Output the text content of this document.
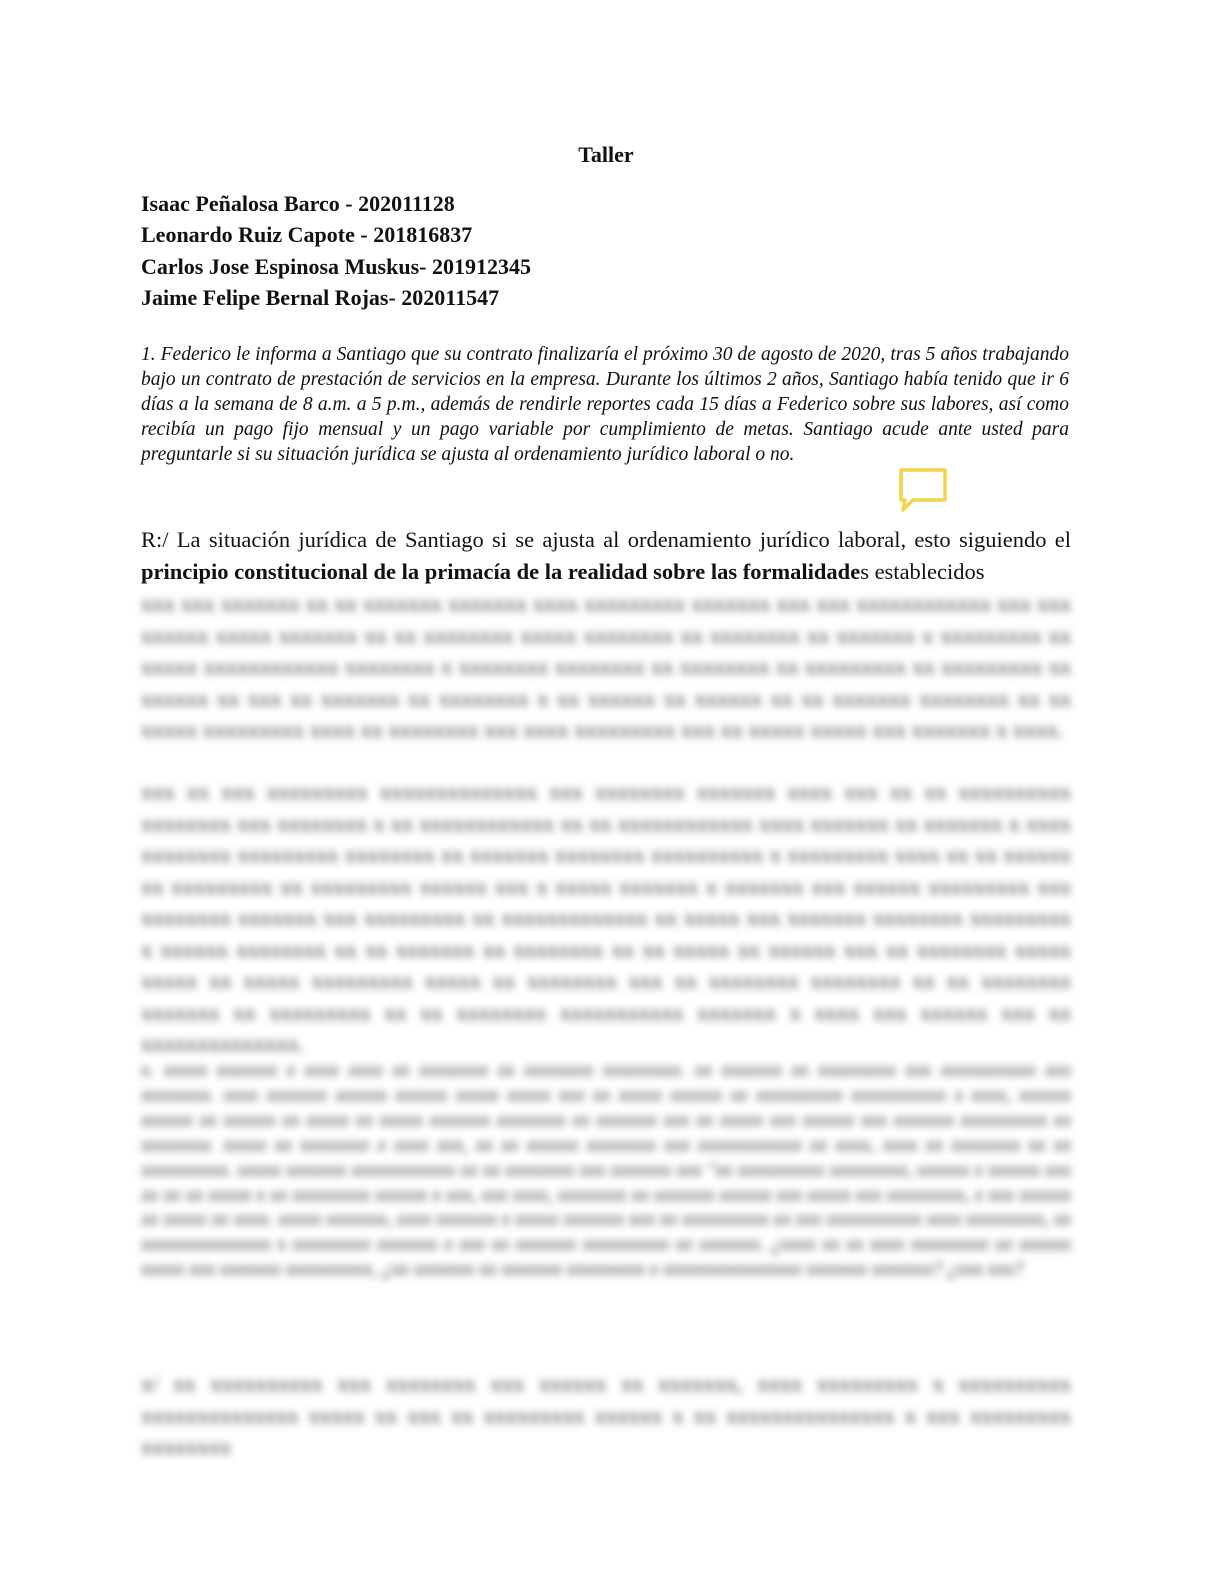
Taller
Isaac Peñalosa Barco - 202011128
Leonardo Ruiz Capote - 201816837
Carlos Jose Espinosa Muskus- 201912345
Jaime Felipe Bernal Rojas- 202011547
1. Federico le informa a Santiago que su contrato finalizaría el próximo 30 de agosto de 2020, tras 5 años trabajando bajo un contrato de prestación de servicios en la empresa. Durante los últimos 2 años, Santiago había tenido que ir 6 días a la semana de 8 a.m. a 5 p.m., además de rendirle reportes cada 15 días a Federico sobre sus labores, así como recibía un pago fijo mensual y un pago variable por cumplimiento de metas. Santiago acude ante usted para preguntarle si su situación jurídica se ajusta al ordenamiento jurídico laboral o no.
R:/ La situación jurídica de Santiago si se ajusta al ordenamiento jurídico laboral, esto siguiendo el principio constitucional de la primacía de la realidad sobre las formalidades establecidos
xxx xxx xxxxxxx xx xx xxxxxxx xxxxxxx xxxx xxxxxxxxx xxxxxxx xxx xxx xxxxxxxxxxxx xxx xxx xxxxxx xxxxx xxxxxxx xx xx xxxxxxxx xxxxx xxxxxxxx xx xxxxxxxx xx xxxxxxx x xxxxxxxxx xx xxxxx xxxxxxxxxxxx xxxxxxxx x xxxxxxxx xxxxxxxx xx xxxxxxxx xx xxxxxxxxx xx xxxxxxxxx xx xxxxxx xx xxx xx xxxxxxx xx xxxxxxxx x xx xxxxxx xx xxxxxx xx xx xxxxxxx xxxxxxxx xx xx xxxxx xxxxxxxxx xxxx xx xxxxxxxx xxx xxxx xxxxxxxxx xxx xx xxxxx xxxxx xxx xxxxxxx x xxxx.
xxx xx xxx xxxxxxxxx xxxxxxxxxxxxxx xxx xxxxxxxx xxxxxxx xxxx xxx xx xx xxxxxxxxxx xxxxxxxx xxx xxxxxxxx x xx xxxxxxxxxxxx xx xx xxxxxxxxxxxx xxxx xxxxxxx xx xxxxxxx x xxxx xxxxxxxx xxxxxxxxx xxxxxxxx xx xxxxxxx xxxxxxxx xxxxxxxxxx x xxxxxxxxx xxxx xx xx xxxxxx xx xxxxxxxxx xx xxxxxxxxx xxxxxx xxx x xxxxx xxxxxxx x xxxxxxx xxx xxxxxx xxxxxxxxx xxx xxxxxxxx xxxxxxx xxx xxxxxxxxx xx xxxxxxxxxxxxx xx xxxxx xxx xxxxxxx xxxxxxxx xxxxxxxxx x xxxxxx xxxxxxxx xx xx xxxxxxx xx xxxxxxxx xx xx xxxxx xx xxxxxx xxx xx xxxxxxxx xxxxx xxxxx xx xxxxx xxxxxxxxx xxxxx xx xxxxxxxx xxx xx xxxxxxxx xxxxxxxx xx xx xxxxxxxx xxxxxxx xx xxxxxxxxx xx xx xxxxxxxx xxxxxxxxxxx xxxxxxx x xxxx xxx xxxxxx xxx xx xxxxxxxxxxxxxx.
x. xxxxx xxxxxxx x xxxx xxxx xx xxxxxxxx xx xxxxxxxx xxxxxxxxx. xx xxxxxxx xx xxxxxxxxx xxx xxxxxxxxxxx xxx xxxxxxxx. xxxx xxxxxxx xxxxxx xxxxxx xxxxx xxxxx xxx xx xxxxx xxxxxx xx xxxxxxxxxx xxxxxxxxxxx x xxxx, xxxxxx xxxxxx xx xxxxxx xx xxxxx xx xxxxx xxxxxxx xxxxxxxx xx xxxxxxx xxx xx xxxxx xxx xxxxxx xxx xxxxxxx xxxxxxxxxx xx xxxxxxxx. xxxxx xx xxxxxxxx x xxxx xxx, xx xx xxxxxx xxxxxxxx xxx xxxxxxxxxxxx xx xxxx, xxxx xx xxxxxxxx xx xx xxxxxxxxxx. xxxxx xxxxxxx xxxxxxxxxxxx xx xx xxxxxxxx xxx xxxxxxx xxx "xx xxxxxxxxxx xxxxxxxxx, xxxxxx x xxxxxx xxx xx xx xx xxxxx x xx xxxxxxxxx xxxxxx x xxx, xxx xxxx, xxxxxxxx xx xxxxxxx xxxxxx xxx xxxxx xxx xxxxxxxxx, x xxx xxxxxx xx xxxxx xx xxxx. xxxxx xxxxxxx, xxxx xxxxxxx x xxxxx xxxxxxx xxx xx xxxxxxxxxx xx xxx xxxxxxxxxxx xxxx xxxxxxxxx, xx xxxxxxxxxxxxxxx x xxxxxxxxx xxxxxxx x xxx xx xxxxxxx xxxxxxxxxx xx xxxxxxx. ¿xxxx xx xx xxxx xxxxxxxxx xx xxxxxx xxxxx xxx xxxxxxx xxxxxxxxxx, ¿xx xxxxxxx xx xxxxxxx xxxxxxxxx x xxxxxxxxxxxxxxxx xxxxxxx xxxxxxx? ¿xxx xxx?
x/ xx xxxxxxxxxx xxx xxxxxxxx xxx xxxxxx xx xxxxxxx, xxxx xxxxxxxxx x xxxxxxxxxx xxxxxxxxxxxxxx xxxxx xx xxx xx xxxxxxxxx xxxxxx x xx xxxxxxxxxxxxxxx x xxx xxxxxxxxx xxxxxxxx
